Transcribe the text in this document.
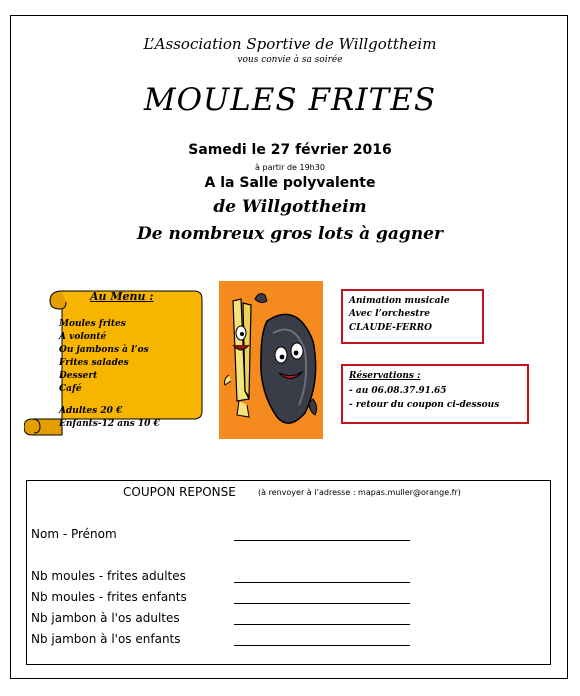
L’Association Sportive de Willgottheim
vous convie à sa soirée
MOULES FRITES
Samedi le 27 février 2016
à partir de 19h30
A la Salle polyvalente
de Willgottheim
De nombreux gros lots à gagner
Au Menu :
Moules frites
A volonté
Ou jambons à l’os
Frites salades
Dessert
Café
Adultes 20 €
Enfants-12 ans 10 €
Animation musicale
Avec l’orchestre
CLAUDE-FERRO
Réservations :
- au 06.08.37.91.65
- retour du coupon ci-dessous
COUPON REPONSE	(à renvoyer à l’adresse : mapas.muller@orange.fr)
Nom - Prénom
Nb moules - frites adultes
Nb moules - frites enfants
Nb jambon à l'os adultes
Nb jambon à l'os enfants
